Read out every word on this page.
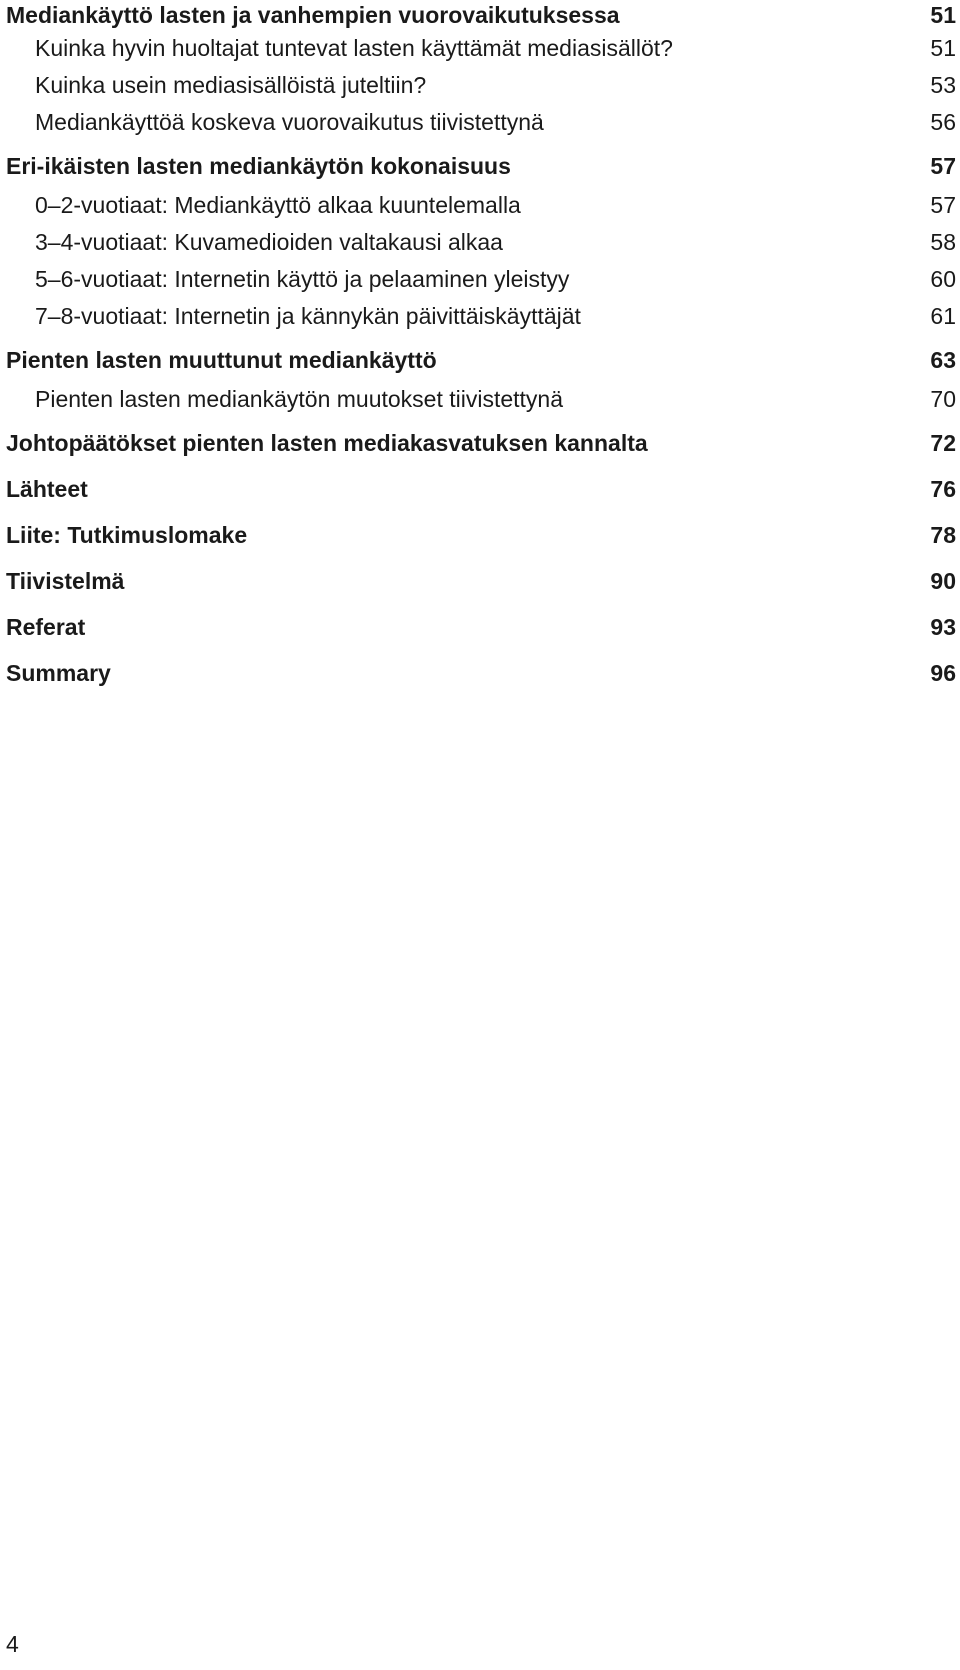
Mediankäyttö lasten ja vanhempien vuorovaikutuksessa	51
Kuinka hyvin huoltajat tuntevat lasten käyttämät mediasisällöt?	51
Kuinka usein mediasisällöistä juteltiin?	53
Mediankäyttöä koskeva vuorovaikutus tiivistettynä	56
Eri-ikäisten lasten mediankäytön kokonaisuus	57
0–2-vuotiaat: Mediankäyttö alkaa kuuntelemalla	57
3–4-vuotiaat: Kuvamedioiden valtakausi alkaa	58
5–6-vuotiaat: Internetin käyttö ja pelaaminen yleistyy	60
7–8-vuotiaat: Internetin ja kännykän päivittäiskäyttäjät	61
Pienten lasten muuttunut mediankäyttö	63
Pienten lasten mediankäytön muutokset tiivistettynä	70
Johtopäätökset pienten lasten mediakasvatuksen kannalta	72
Lähteet	76
Liite: Tutkimuslomake	78
Tiivistelmä	90
Referat	93
Summary	96
4
